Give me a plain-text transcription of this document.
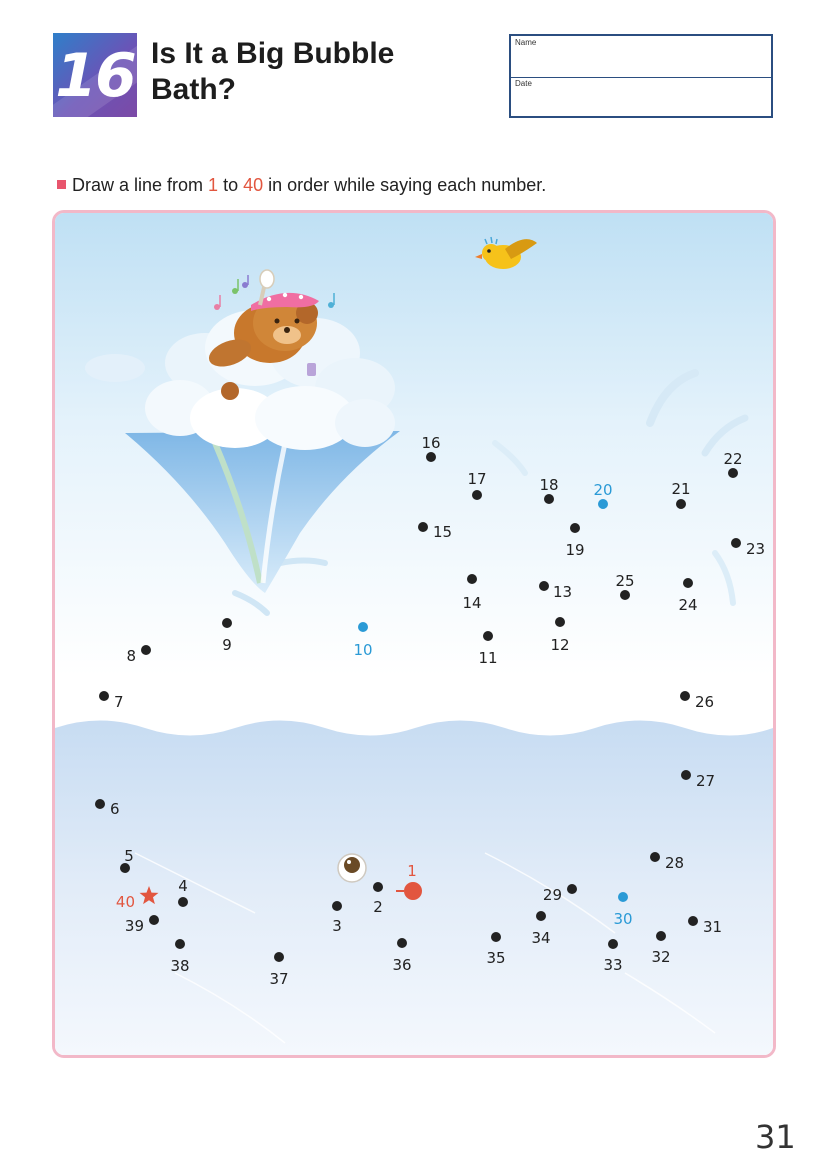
16 Is It a Big Bubble Bath?
Name
Date
Draw a line from 1 to 40 in order while saying each number.
1
2
3
4
5
6
7
8
9	10	11
12
13
14
15
16
17	18
19
20	21
22
23
24
25
26
27
28
29
30	31
32
33
34
35
36
37
38
39
40
31
